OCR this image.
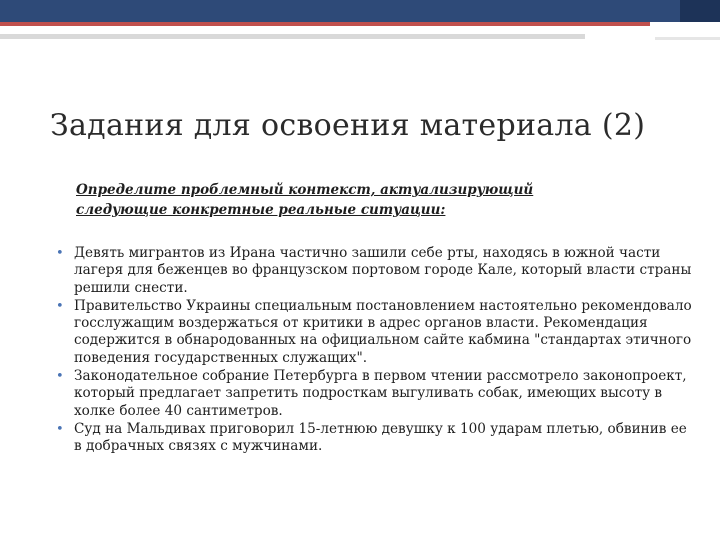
Задания для освоения материала (2)
Определите проблемный контекст, актуализирующий
следующие конкретные реальные ситуации:
• Девять мигрантов из Ирана частично зашили себе рты, находясь в южной части лагеря для беженцев во французском портовом городе Кале, который власти страны решили снести.
• Правительство Украины специальным постановлением настоятельно рекомендовало госслужащим воздержаться от критики в адрес органов власти. Рекомендация содержится в обнародованных на официальном сайте кабмина "стандартах этичного поведения государственных служащих".
• Законодательное собрание Петербурга в первом чтении рассмотрело законопроект, который предлагает запретить подросткам выгуливать собак, имеющих высоту в холке более 40 сантиметров.
• Суд на Мальдивах приговорил 15-летнюю девушку к 100 ударам плетью, обвинив ее в добрачных связях с мужчинами.
